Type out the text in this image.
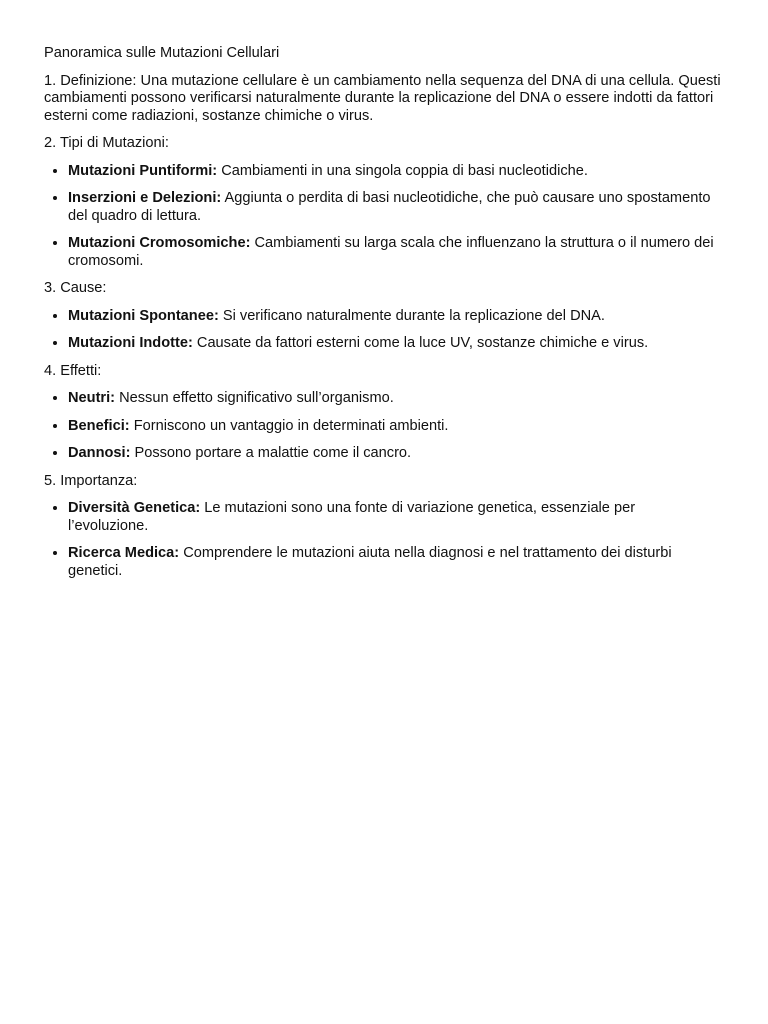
Panoramica sulle Mutazioni Cellulari
1. Definizione: Una mutazione cellulare è un cambiamento nella sequenza del DNA di una cellula. Questi cambiamenti possono verificarsi naturalmente durante la replicazione del DNA o essere indotti da fattori esterni come radiazioni, sostanze chimiche o virus.
2. Tipi di Mutazioni:
• Mutazioni Puntiformi: Cambiamenti in una singola coppia di basi nucleotidiche.
• Inserzioni e Delezioni: Aggiunta o perdita di basi nucleotidiche, che può causare uno spostamento del quadro di lettura.
• Mutazioni Cromosomiche: Cambiamenti su larga scala che influenzano la struttura o il numero dei cromosomi.
3. Cause:
• Mutazioni Spontanee: Si verificano naturalmente durante la replicazione del DNA.
• Mutazioni Indotte: Causate da fattori esterni come la luce UV, sostanze chimiche e virus.
4. Effetti:
• Neutri: Nessun effetto significativo sull’organismo.
• Benefici: Forniscono un vantaggio in determinati ambienti.
• Dannosi: Possono portare a malattie come il cancro.
5. Importanza:
• Diversità Genetica: Le mutazioni sono una fonte di variazione genetica, essenziale per l’evoluzione.
• Ricerca Medica: Comprendere le mutazioni aiuta nella diagnosi e nel trattamento dei disturbi genetici.
